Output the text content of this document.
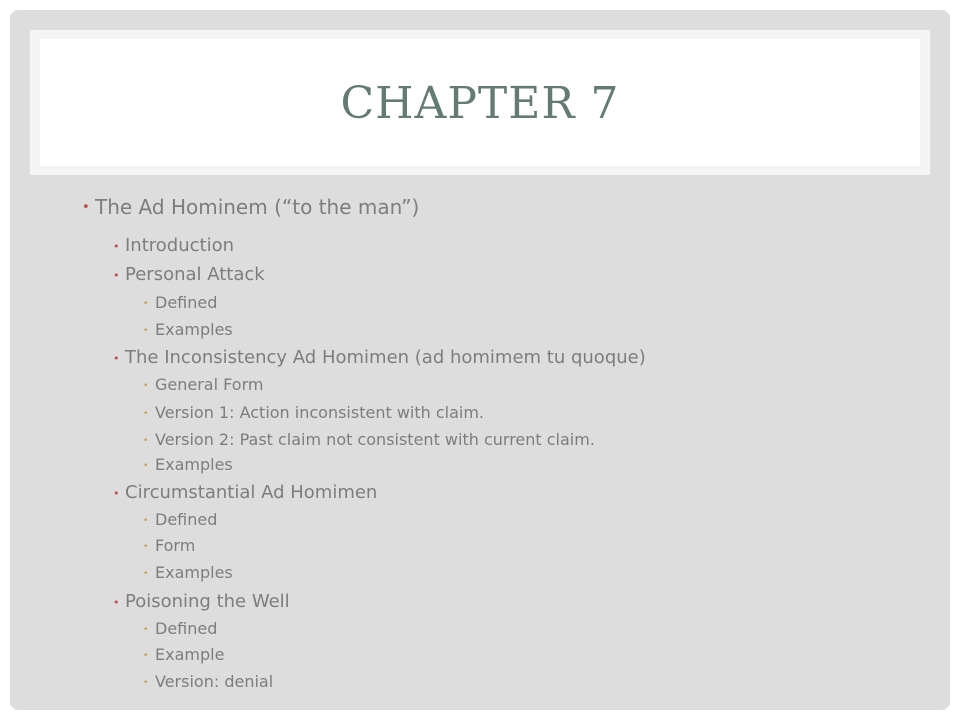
CHAPTER 7
• The Ad Hominem (“to the man”)
• Introduction
• Personal Attack
• Defined
• Examples
• The Inconsistency Ad Homimen (ad homimem tu quoque)
• General Form
• Version 1: Action inconsistent with claim.
• Version 2: Past claim not consistent with current claim.
• Examples
• Circumstantial Ad Homimen
• Defined
• Form
• Examples
• Poisoning the Well
• Defined
• Example
• Version: denial
